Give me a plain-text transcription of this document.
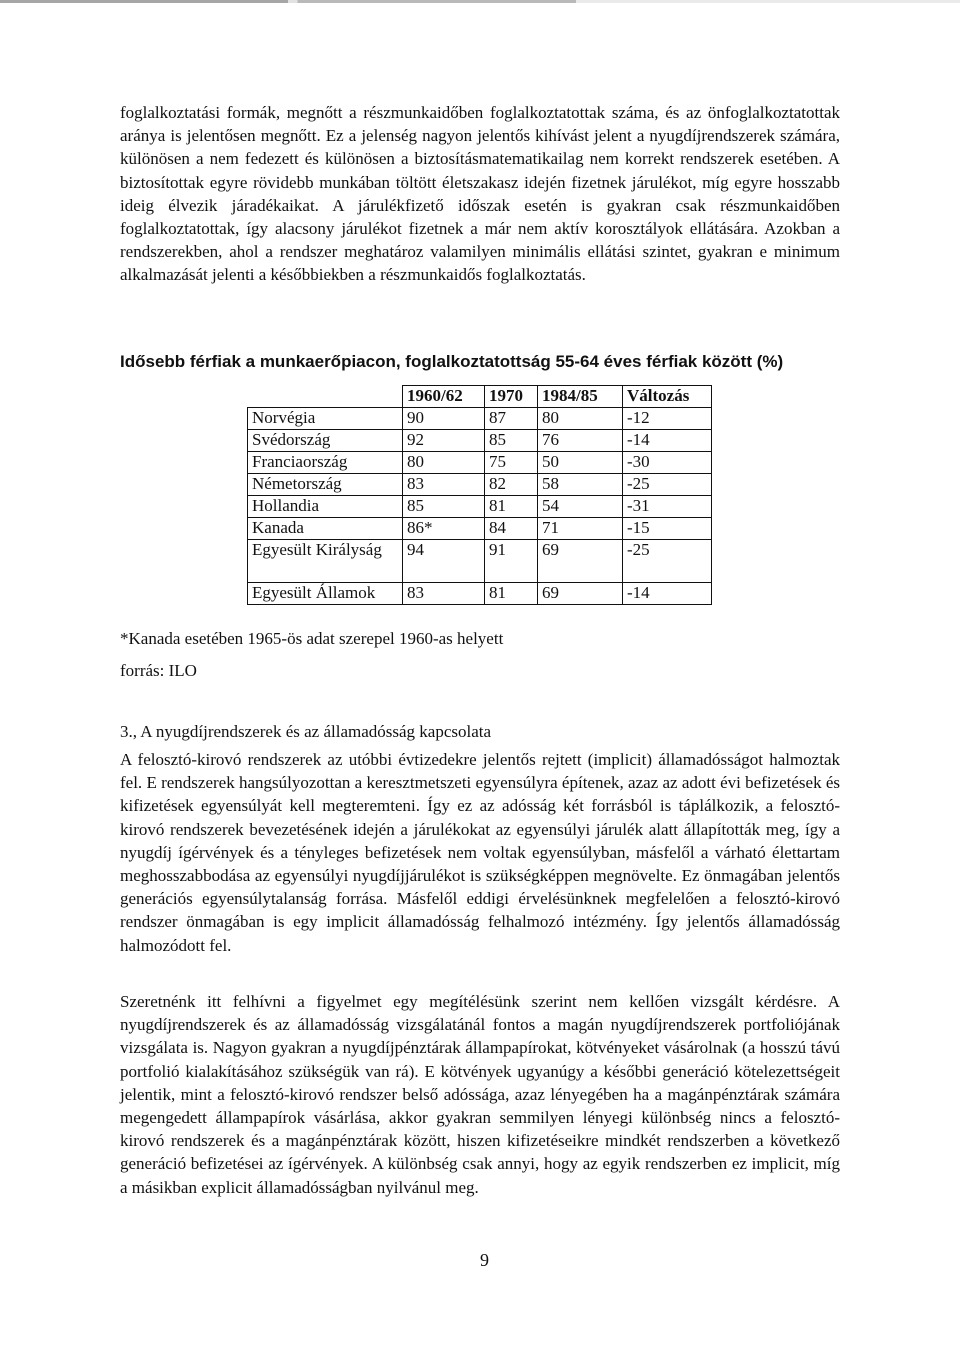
foglalkoztatási formák, megnőtt a részmunkaidőben foglalkoztatottak száma, és az önfoglalkoztatottak aránya is jelentősen megnőtt. Ez a jelenség nagyon jelentős kihívást jelent a nyugdíjrendszerek számára, különösen a nem fedezett és különösen a biztosításmatematikailag nem korrekt rendszerek esetében. A biztosítottak egyre rövidebb munkában töltött életszakasz idején fizetnek járulékot, míg egyre hosszabb ideig élvezik járadékaikat. A járulékfizető időszak esetén is gyakran csak részmunkaidőben foglalkoztatottak, így alacsony járulékot fizetnek a már nem aktív korosztályok ellátására. Azokban a rendszerekben, ahol a rendszer meghatároz valamilyen minimális ellátási szintet, gyakran e minimum alkalmazását jelenti a későbbiekben a részmunkaidős foglalkoztatás.

Idősebb férfiak a munkaerőpiacon, foglalkoztatottság 55-64 éves férfiak között (%)

	1960/62	1970	1984/85	Változás
Norvégia	90	87	80	-12
Svédország	92	85	76	-14
Franciaország	80	75	50	-30
Németország	83	82	58	-25
Hollandia	85	81	54	-31
Kanada	86*	84	71	-15
Egyesült Királyság	94	91	69	-25
Egyesült Államok	83	81	69	-14

*Kanada esetében 1965-ös adat szerepel 1960-as helyett

forrás: ILO

3., A nyugdíjrendszerek és az államadósság kapcsolata

A felosztó-kirovó rendszerek az utóbbi évtizedekre jelentős rejtett (implicit) államadósságot halmoztak fel. E rendszerek hangsúlyozottan a keresztmetszeti egyensúlyra építenek, azaz az adott évi befizetések és kifizetések egyensúlyát kell megteremteni. Így ez az adósság két forrásból is táplálkozik, a felosztó-kirovó rendszerek bevezetésének idején a járulékokat az egyensúlyi járulék alatt állapították meg, így a nyugdíj ígérvények és a tényleges befizetések nem voltak egyensúlyban, másfelől a várható élettartam meghosszabbodása az egyensúlyi nyugdíjjárulékot is szükségképpen megnövelte. Ez önmagában jelentős generációs egyensúlytalanság forrása. Másfelől eddigi érvelésünknek megfelelően a felosztó-kirovó rendszer önmagában is egy implicit államadósság felhalmozó intézmény. Így jelentős államadósság halmozódott fel.

Szeretnénk itt felhívni a figyelmet egy megítélésünk szerint nem kellően vizsgált kérdésre. A nyugdíjrendszerek és az államadósság vizsgálatánál fontos a magán nyugdíjrendszerek portfoliójának vizsgálata is. Nagyon gyakran a nyugdíjpénztárak állampapírokat, kötvényeket vásárolnak (a hosszú távú portfolió kialakításához szükségük van rá). E kötvények ugyanúgy a későbbi generáció kötelezettségeit jelentik, mint a felosztó-kirovó rendszer belső adóssága, azaz lényegében ha a magánpénztárak számára megengedett állampapírok vásárlása, akkor gyakran semmilyen lényegi különbség nincs a felosztó-kirovó rendszerek és a magánpénztárak között, hiszen kifizetéseikre mindkét rendszerben a következő generáció befizetései az ígérvények. A különbség csak annyi, hogy az egyik rendszerben ez implicit, míg a másikban explicit államadósságban nyilvánul meg.

9
